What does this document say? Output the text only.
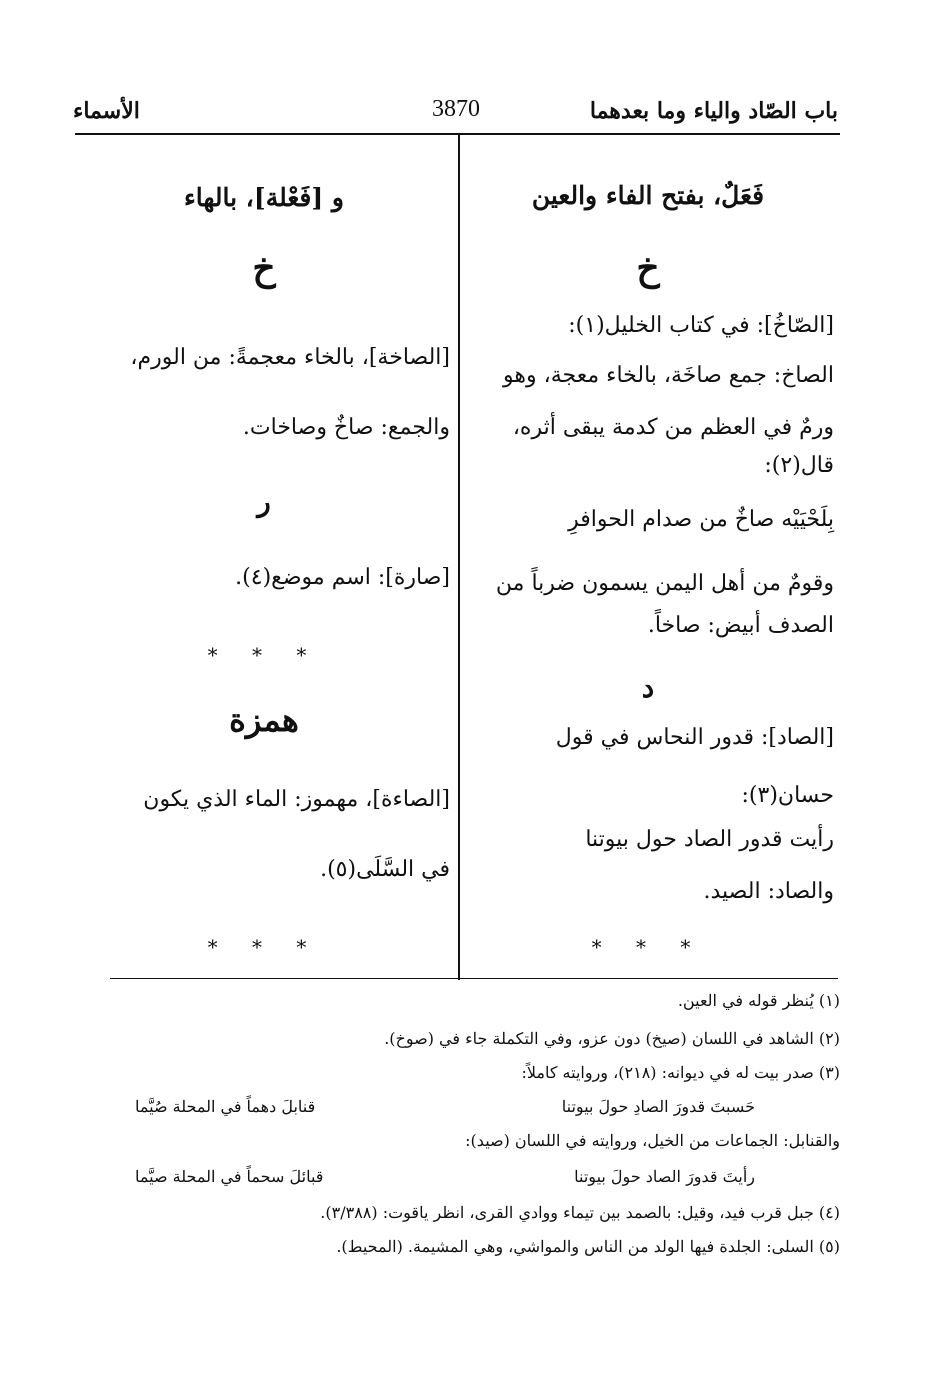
باب الصّاد والياء وما بعدهما
3870
الأسماء
فَعَلٌ، بفتح الفاء والعين
خ
[الصّاخُ]: في كتاب الخليل(١):
الصاخ: جمع صاخَة، بالخاء معجة، وهو
ورمٌ في العظم من كدمة يبقى أثره،
قال(٢):
بِلَحْيَيْه صاخٌ من صدام الحوافرِ
وقومٌ من أهل اليمن يسمون ضرباً من
الصدف أبيض: صاخاً.
د
[الصاد]: قدور النحاس في قول
حسان(٣):
رأيت قدور الصاد حول بيوتنا
والصاد: الصيد.
* * *
و [فَعْلة]، بالهاء
خ
[الصاخة]، بالخاء معجمةً: من الورم،
والجمع: صاخٌ وصاخات.
ر
[صارة]: اسم موضع(٤).
* * *
همزة
[الصاءة]، مهموز: الماء الذي يكون
في السَّلَى(٥).
* * *
(١) يُنظر قوله في العين.
(٢) الشاهد في اللسان (صيخ) دون عزو، وفي التكملة جاء في (صوخ).
(٣) صدر بيت له في ديوانه: (٢١٨)، وروايته كاملاً:
حَسبتَ قدورَ الصادِ حولَ بيوتنا
قنابلَ دهماً في المحلة صُيَّما
والقنابل: الجماعات من الخيل، وروايته في اللسان (صيد):
رأيتَ قدورَ الصاد حولَ بيوتنا
قبائلَ سحماً في المحلة صيَّما
(٤) جبل قرب فيد، وقيل: بالصمد بين تيماء ووادي القرى، انظر ياقوت: (٣/٣٨٨).
(٥) السلى: الجلدة فيها الولد من الناس والمواشي، وهي المشيمة. (المحيط).
